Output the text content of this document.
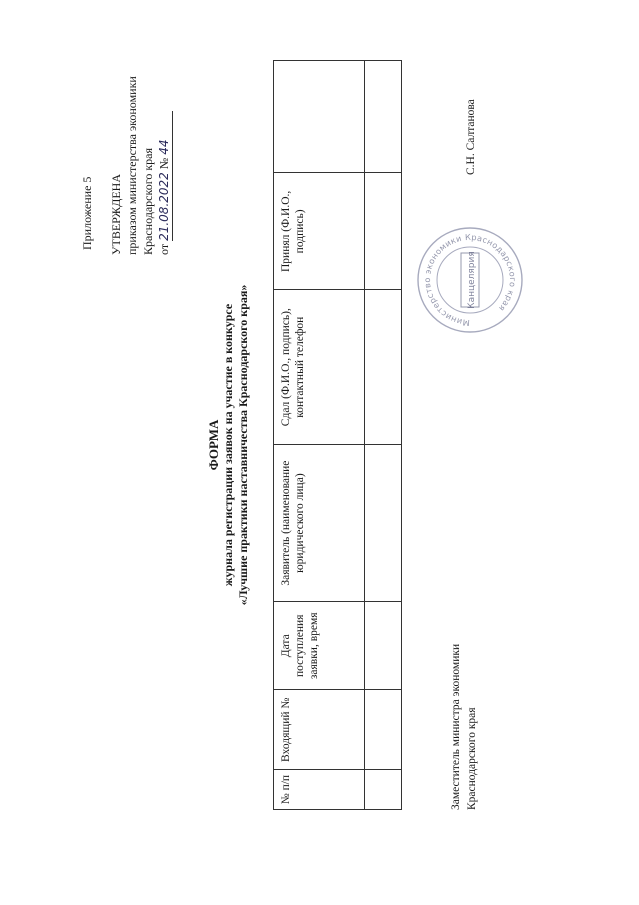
Приложение 5 УТВЕРЖДЕНА приказом министерства экономики Краснодарского края от 21.08.2022 № 44
ФОРМА журнала регистрации заявок на участие в конкурсе «Лучшие практики наставничества Краснодарского края»
№ п/п	Входящий №	Дата поступления заявки, время	Заявитель (наименование юридического лица)	Сдал (Ф.И.О., подпись), контактный телефон	Принял (Ф.И.О., подпись)	

Заместитель министра экономики Краснодарского края
С.Н. Салтанова
Министерство экономики Краснодарского края
Канцелярия
